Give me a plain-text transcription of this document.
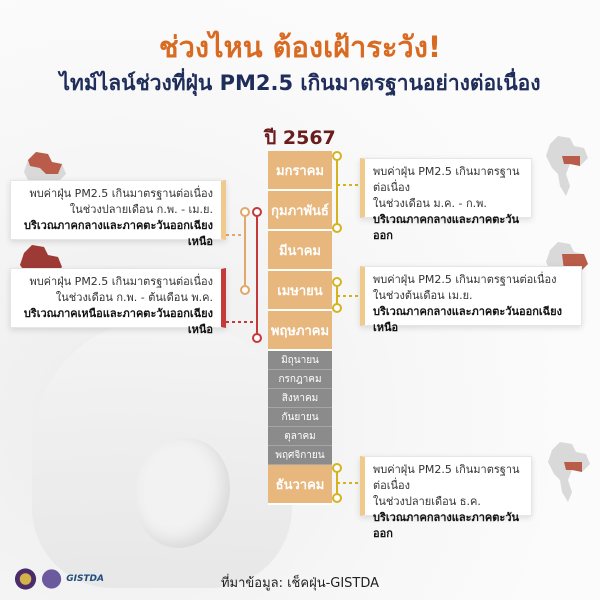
ช่วงไหน ต้องเฝ้าระวัง!
ไทม์ไลน์ช่วงที่ฝุ่น PM2.5 เกินมาตรฐานอย่างต่อเนื่อง
ปี 2567
มกราคม
กุมภาพันธ์
มีนาคม
เมษายน
พฤษภาคม
มิถุนายน
กรกฎาคม
สิงหาคม
กันยายน
ตุลาคม
พฤศจิกายน
ธันวาคม
พบค่าฝุ่น PM2.5 เกินมาตรฐานต่อเนื่อง
ในช่วงปลายเดือน ก.พ. - เม.ย.
บริเวณภาคกลางและภาคตะวันออกเฉียงเหนือ
พบค่าฝุ่น PM2.5 เกินมาตรฐานต่อเนื่อง
ในช่วงเดือน ก.พ. - ต้นเดือน พ.ค.
บริเวณภาคเหนือและภาคตะวันออกเฉียงเหนือ
พบค่าฝุ่น PM2.5 เกินมาตรฐานต่อเนื่อง
ในช่วงเดือน ม.ค. - ก.พ.
บริเวณภาคกลางและภาคตะวันออก
พบค่าฝุ่น PM2.5 เกินมาตรฐานต่อเนื่อง
ในช่วงต้นเดือน เม.ย.
บริเวณภาคกลางและภาคตะวันออกเฉียงเหนือ
พบค่าฝุ่น PM2.5 เกินมาตรฐานต่อเนื่อง
ในช่วงปลายเดือน ธ.ค.
บริเวณภาคกลางและภาคตะวันออก
GISTDA	ที่มาข้อมูล: เช็คฝุ่น-GISTDA
